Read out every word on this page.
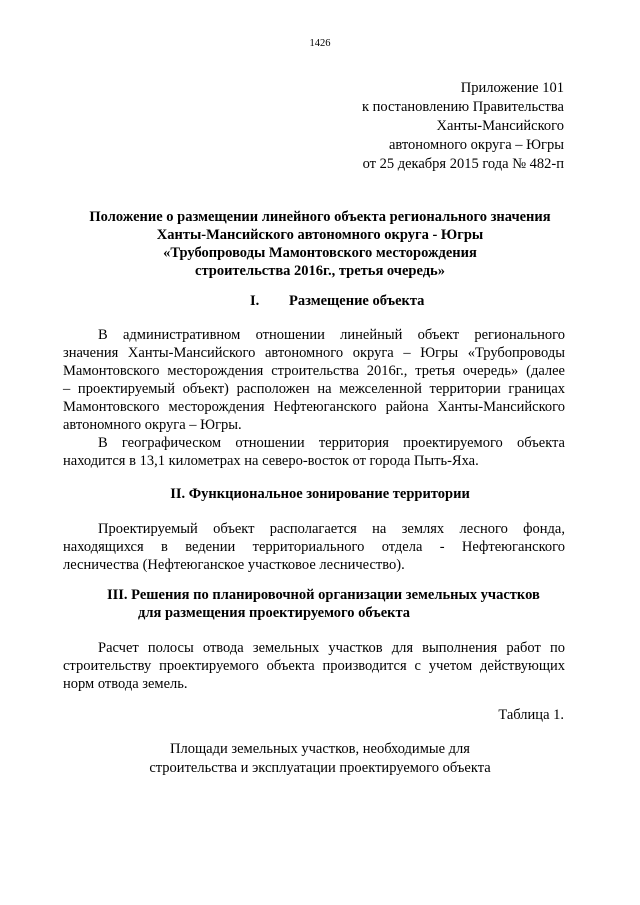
1426
Приложение 101
к постановлению Правительства
Ханты-Мансийского
автономного округа – Югры
от 25 декабря 2015 года № 482-п
Положение о размещении линейного объекта регионального значения
Ханты-Мансийского автономного округа - Югры
«Трубопроводы Мамонтовского месторождения
строительства 2016г., третья очередь»
I. Размещение объекта
В административном отношении линейный объект регионального
значения Ханты-Мансийского автономного округа – Югры «Трубопроводы
Мамонтовского месторождения строительства 2016г., третья очередь» (далее
– проектируемый объект) расположен на межселенной территории границах
Мамонтовского месторождения Нефтеюганского района Ханты-Мансийского
автономного округа – Югры.
В географическом отношении территория проектируемого объекта
находится в 13,1 километрах на северо-восток от города Пыть-Яха.
II. Функциональное зонирование территории
Проектируемый объект располагается на землях лесного фонда,
находящихся в ведении территориального отдела - Нефтеюганского
лесничества (Нефтеюганское участковое лесничество).
III. Решения по планировочной организации земельных участков
для размещения проектируемого объекта
Расчет полосы отвода земельных участков для выполнения работ по
строительству проектируемого объекта производится с учетом действующих
норм отвода земель.
Таблица 1.
Площади земельных участков, необходимые для
строительства и эксплуатации проектируемого объекта
